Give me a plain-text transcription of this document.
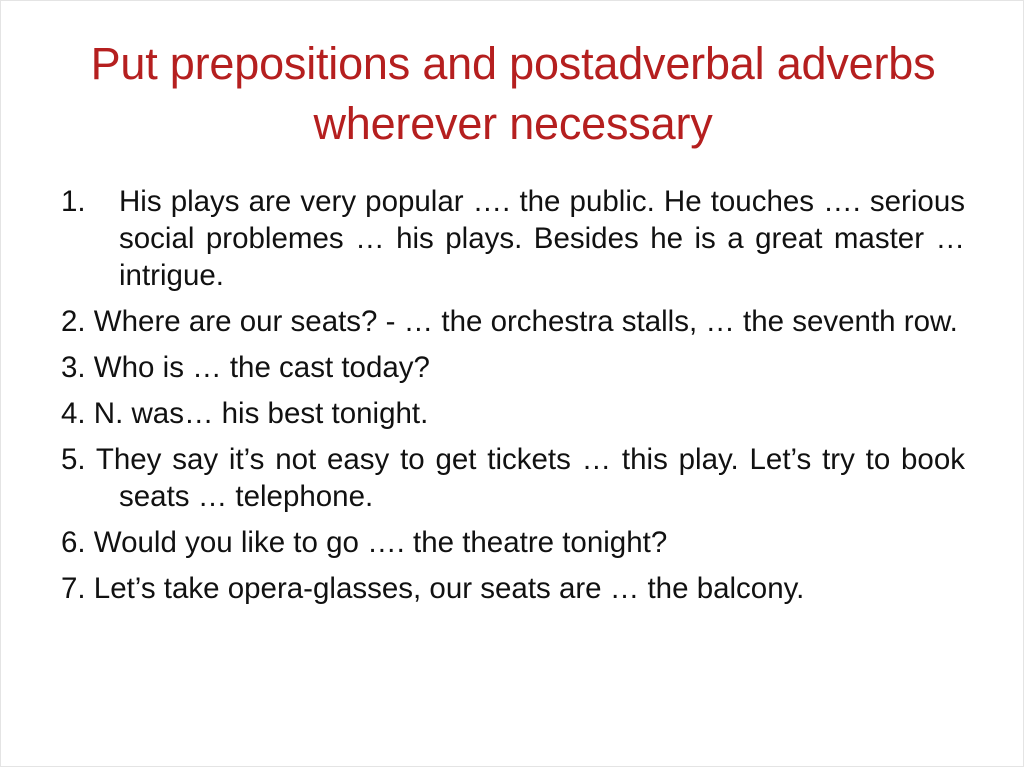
Put prepositions and postadverbal adverbs wherever necessary
1. His plays are very popular …. the public. He touches …. serious social problemes … his plays. Besides he is a great master … intrigue.
2. Where are our seats? - … the orchestra stalls, … the seventh row.
3. Who is … the cast today?
4. N. was… his best tonight.
5. They say it’s not easy to get tickets … this play. Let’s try to book seats … telephone.
6. Would you like to go …. the theatre tonight?
7. Let’s take opera-glasses, our seats are … the balcony.
